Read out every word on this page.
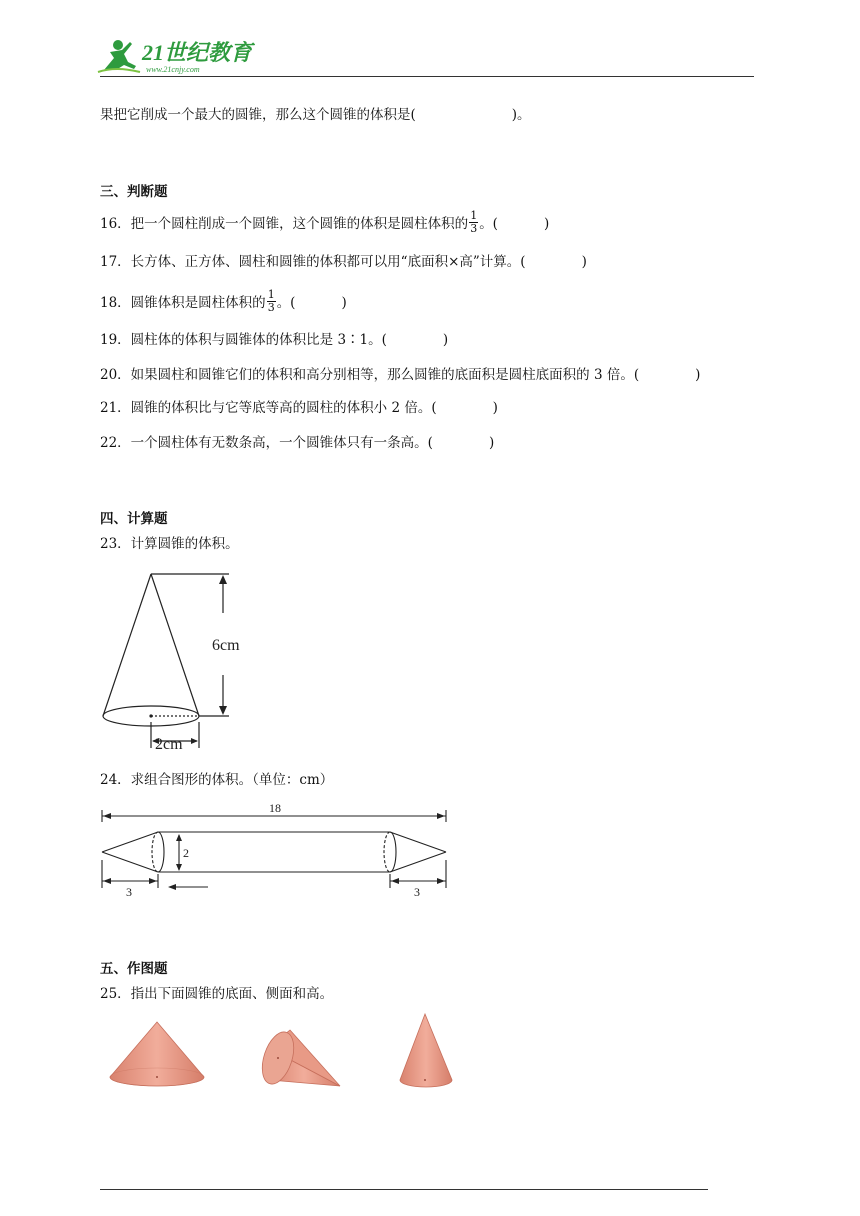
21世纪教育
www.21cnjy.com
果把它削成一个最大的圆锥，那么这个圆锥的体积是(	)。
三、判断题
16．把一个圆柱削成一个圆锥，这个圆锥的体积是圆柱体积的 $\frac{1}{3}$ 。(	)
17．长方体、正方体、圆柱和圆锥的体积都可以用“底面积×高”计算。(	)
18．圆锥体积是圆柱体积的 $\frac{1}{3}$ 。(	)
19．圆柱体的体积与圆锥体的体积比是 3∶1。(	)
20．如果圆柱和圆锥它们的体积和高分别相等，那么圆锥的底面积是圆柱底面积的 3 倍。(	)
21．圆锥的体积比与它等底等高的圆柱的体积小 2 倍。(	)
22．一个圆柱体有无数条高，一个圆锥体只有一条高。(	)
四、计算题
23．计算圆锥的体积。
6cm
2cm
24．求组合图形的体积。（单位：cm）
18
2
3	3
五、作图题
25．指出下面圆锥的底面、侧面和高。
